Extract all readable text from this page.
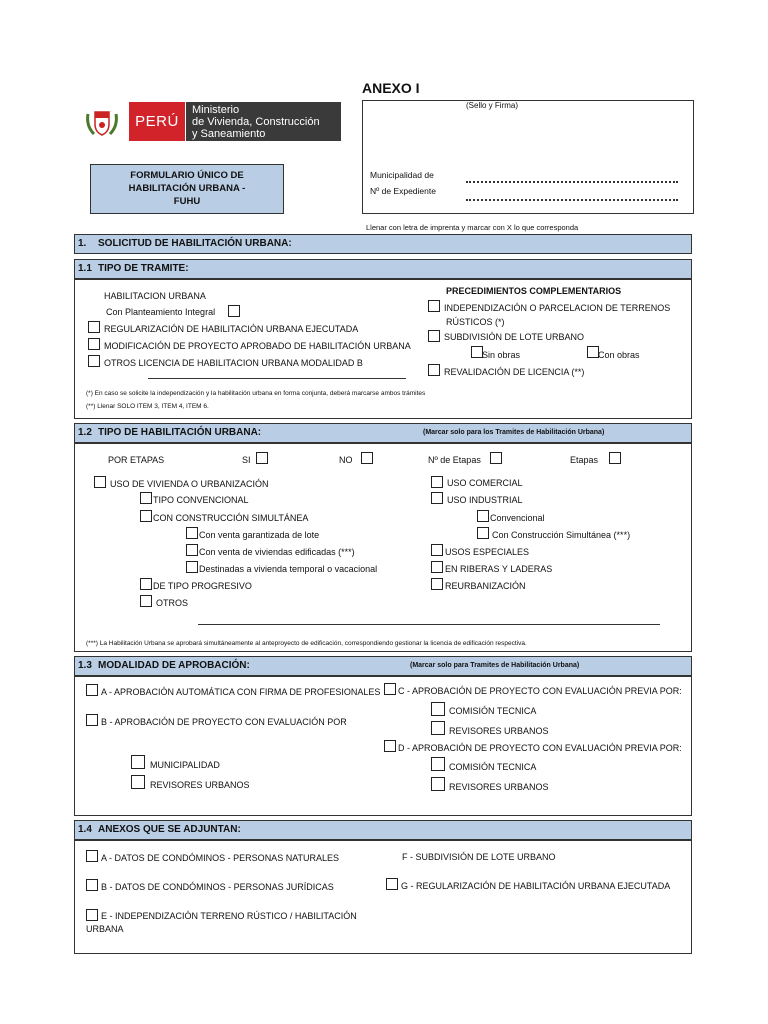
ANEXO I
PERÚ
Ministerio
de Vivienda, Construcción
y Saneamiento
FORMULARIO ÚNICO DE
HABILITACIÓN URBANA -
FUHU
(Sello y Firma)
Municipalidad de
Nº de Expediente
Llenar con letra de imprenta y marcar con X lo que corresponda
1. SOLICITUD DE HABILITACIÓN URBANA:
1.1 TIPO DE TRAMITE:
HABILITACION URBANA
Con Planteamiento Integral
REGULARIZACIÓN DE HABILITACIÓN URBANA EJECUTADA
MODIFICACIÓN DE PROYECTO APROBADO DE HABILITACIÓN URBANA
OTROS LICENCIA DE HABILITACION URBANA MODALIDAD B
PRECEDIMIENTOS COMPLEMENTARIOS
INDEPENDIZACIÓN O PARCELACION DE TERRENOS
RÚSTICOS (*)
SUBDIVISIÓN DE LOTE URBANO
Sin obras	Con obras
REVALIDACIÓN DE LICENCIA (**)
(*) En caso se solicite la independización y la habilitación urbana en forma conjunta, deberá marcarse ambos trámites
(**) Llenar SOLO ITEM 3, ITEM 4, ITEM 6.
1.2 TIPO DE HABILITACIÓN URBANA:	(Marcar solo para los Tramites de Habilitación Urbana)
POR ETAPAS	SI	NO	Nº de Etapas	Etapas
USO DE VIVIENDA O URBANIZACIÓN
TIPO CONVENCIONAL
CON CONSTRUCCIÓN SIMULTÁNEA
Con venta garantizada de lote
Con venta de viviendas edificadas (***)
Destinadas a vivienda temporal o vacacional
DE TIPO PROGRESIVO
OTROS
USO COMERCIAL
USO INDUSTRIAL
Convencional
Con Construcción Simultánea (***)
USOS ESPECIALES
EN RIBERAS Y LADERAS
REURBANIZACIÓN
(***) La Habilitación Urbana se aprobará simultáneamente al anteproyecto de edificación, correspondiendo gestionar la licencia de edificación respectiva.
1.3 MODALIDAD DE APROBACIÓN:	(Marcar solo para Tramites de Habilitación Urbana)
A - APROBACIÓN AUTOMÁTICA CON FIRMA DE PROFESIONALES
B - APROBACIÓN DE PROYECTO CON EVALUACIÓN POR
MUNICIPALIDAD
REVISORES URBANOS
C - APROBACIÓN DE PROYECTO CON EVALUACIÓN PREVIA POR:
COMISIÓN TECNICA
REVISORES URBANOS
D - APROBACIÓN DE PROYECTO CON EVALUACIÓN PREVIA POR:
COMISIÓN TECNICA
REVISORES URBANOS
1.4 ANEXOS QUE SE ADJUNTAN:
A - DATOS DE CONDÓMINOS - PERSONAS NATURALES
B - DATOS DE CONDÓMINOS - PERSONAS JURÍDICAS
E - INDEPENDIZACIÓN TERRENO RÚSTICO / HABILITACIÓN
URBANA
F - SUBDIVISIÓN DE LOTE URBANO
G - REGULARIZACIÓN DE HABILITACIÓN URBANA EJECUTADA
